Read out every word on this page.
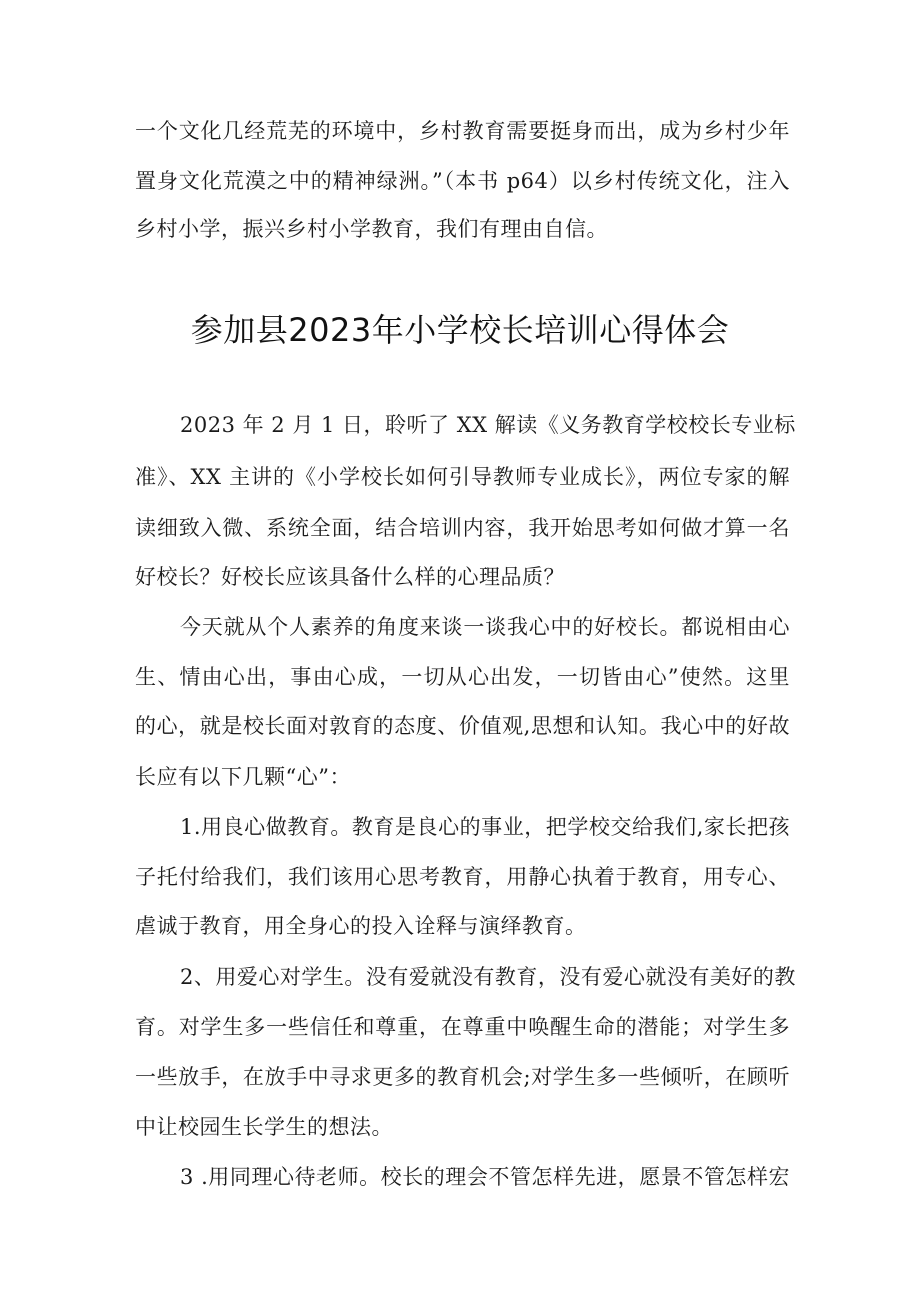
一个文化几经荒芜的环境中，乡村教育需要挺身而出，成为乡村少年
置身文化荒漠之中的精神绿洲。”（本书 p64）以乡村传统文化，注入
乡村小学，振兴乡村小学教育，我们有理由自信。
参加县2023年小学校长培训心得体会
2023 年 2 月 1 日，聆听了 XX 解读《义务教育学校校长专业标
准》、XX 主讲的《小学校长如何引导教师专业成长》，两位专家的解
读细致入微、系统全面，结合培训内容，我开始思考如何做才算一名
好校长？好校长应该具备什么样的心理品质？
今天就从个人素养的角度来谈一谈我心中的好校长。都说相由心
生、情由心出，事由心成，一切从心出发，一切皆由心”使然。这里
的心，就是校长面对敦育的态度、价值观,思想和认知。我心中的好故
长应有以下几颗“心”：
1.用良心做教育。教育是良心的事业，把学校交给我们,家长把孩
子托付给我们，我们该用心思考教育，用静心执着于教育，用专心、
虐诚于教育，用全身心的投入诠释与演绎教育。
2、用爱心对学生。没有爱就没有教育，没有爱心就没有美好的教
育。对学生多一些信任和尊重，在尊重中唤醒生命的潜能；对学生多
一些放手，在放手中寻求更多的教育机会;对学生多一些倾听，在顾听
中让校园生长学生的想法。
3 .用同理心待老师。校长的理会不管怎样先进，愿景不管怎样宏
